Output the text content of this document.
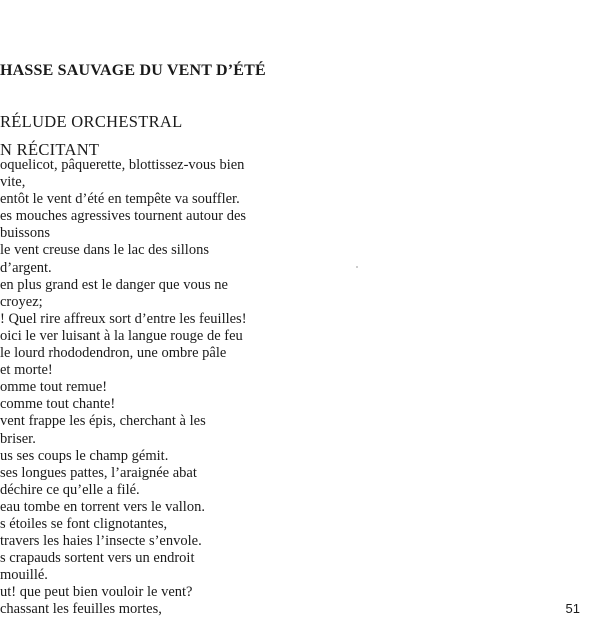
HASSE SAUVAGE DU VENT D’ÉTÉ
RÉLUDE ORCHESTRAL
N RÉCITANT
oquelicot, pâquerette, blottissez-vous bien
vite,
entôt le vent d’été en tempête va souffler.
es mouches agressives tournent autour des
buissons
le vent creuse dans le lac des sillons
d’argent.
en plus grand est le danger que vous ne
croyez;
! Quel rire affreux sort d’entre les feuilles!
oici le ver luisant à la langue rouge de feu
le lourd rhododendron, une ombre pâle
et morte!
omme tout remue!
comme tout chante!
vent frappe les épis, cherchant à les
briser.
us ses coups le champ gémit.
ses longues pattes, l’araignée abat
déchire ce qu’elle a filé.
eau tombe en torrent vers le vallon.
s étoiles se font clignotantes,
travers les haies l’insecte s’envole.
s crapauds sortent vers un endroit
mouillé.
ut! que peut bien vouloir le vent?
chassant les feuilles mortes,	51
